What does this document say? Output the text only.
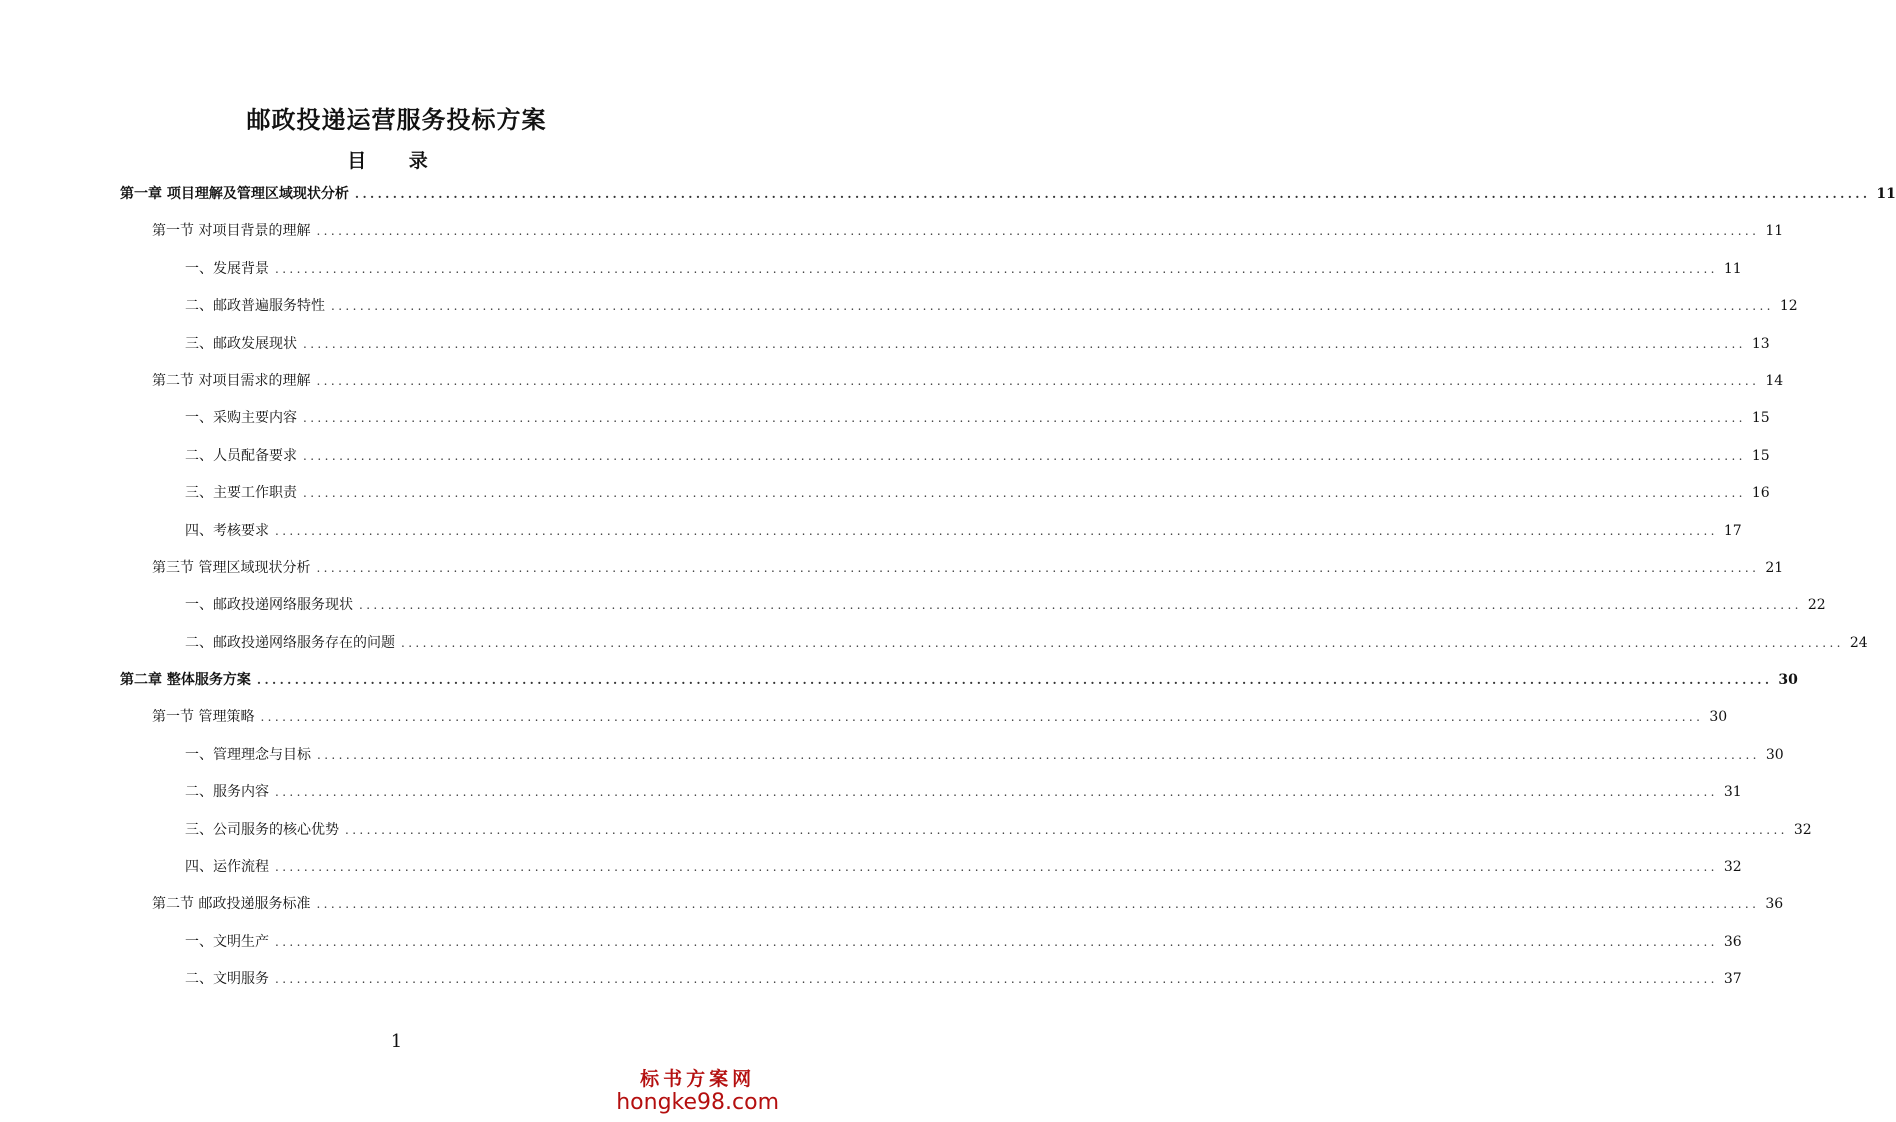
邮政投递运营服务投标方案
目 录
第一章 项目理解及管理区域现状分析 ........................................................................................................................................................................................................ 11
第一节 对项目背景的理解 ........................................................................................................................................................................................................ 11
一、发展背景 ........................................................................................................................................................................................................ 11
二、邮政普遍服务特性 ........................................................................................................................................................................................................ 12
三、邮政发展现状 ........................................................................................................................................................................................................ 13
第二节 对项目需求的理解 ........................................................................................................................................................................................................ 14
一、采购主要内容 ........................................................................................................................................................................................................ 15
二、人员配备要求 ........................................................................................................................................................................................................ 15
三、主要工作职责 ........................................................................................................................................................................................................ 16
四、考核要求 ........................................................................................................................................................................................................ 17
第三节 管理区域现状分析 ........................................................................................................................................................................................................ 21
一、邮政投递网络服务现状 ........................................................................................................................................................................................................ 22
二、邮政投递网络服务存在的问题 ........................................................................................................................................................................................................ 24
第二章 整体服务方案 ........................................................................................................................................................................................................ 30
第一节 管理策略 ........................................................................................................................................................................................................ 30
一、管理理念与目标 ........................................................................................................................................................................................................ 30
二、服务内容 ........................................................................................................................................................................................................ 31
三、公司服务的核心优势 ........................................................................................................................................................................................................ 32
四、运作流程 ........................................................................................................................................................................................................ 32
第二节 邮政投递服务标准 ........................................................................................................................................................................................................ 36
一、文明生产 ........................................................................................................................................................................................................ 36
二、文明服务 ........................................................................................................................................................................................................ 37
1
标书方案网
hongke98.com
